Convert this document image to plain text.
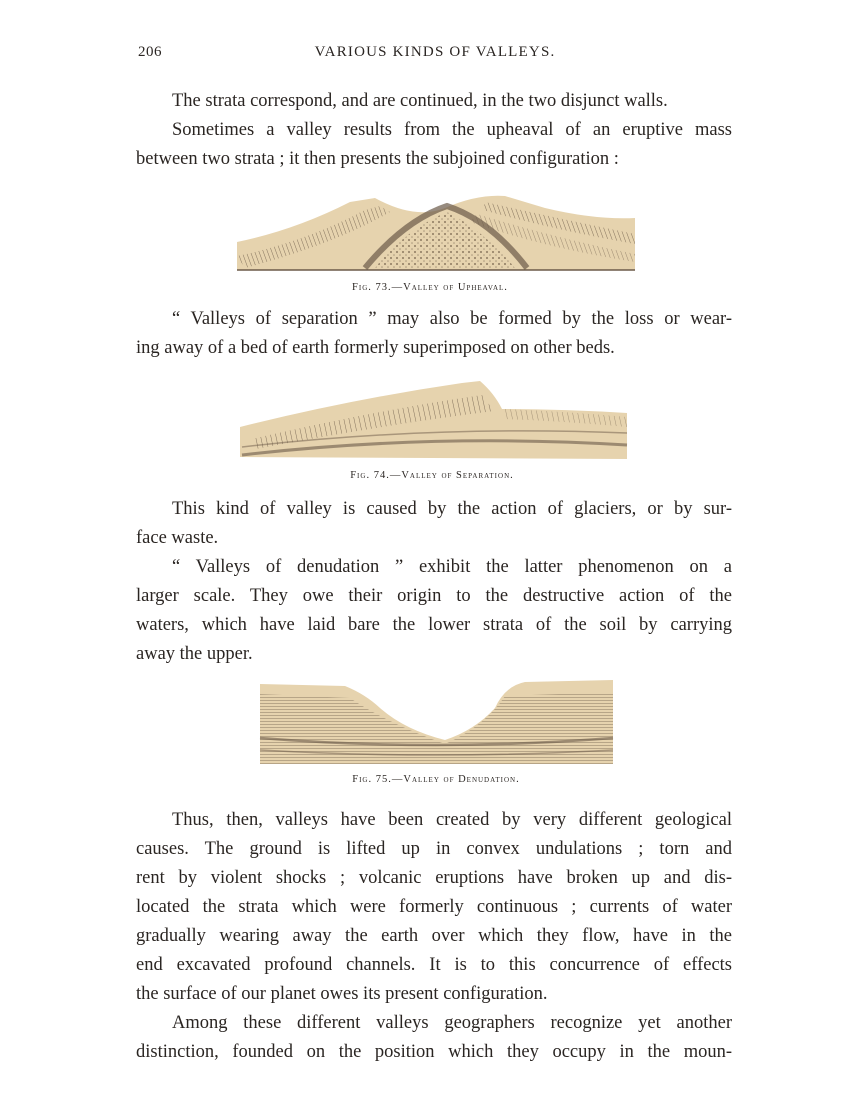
206	VARIOUS KINDS OF VALLEYS.

The strata correspond, and are continued, in the two disjunct walls.

Sometimes a valley results from the upheaval of an eruptive mass
between two strata ; it then presents the subjoined configuration :

Fig. 73.—Valley of Upheaval.

“ Valleys of separation ” may also be formed by the loss or wear-
ing away of a bed of earth formerly superimposed on other beds.

Fig. 74.—Valley of Separation.

This kind of valley is caused by the action of glaciers, or by sur-
face waste.

“ Valleys of denudation ” exhibit the latter phenomenon on a
larger scale. They owe their origin to the destructive action of the
waters, which have laid bare the lower strata of the soil by carrying
away the upper.

Fig. 75.—Valley of Denudation.

Thus, then, valleys have been created by very different geological
causes. The ground is lifted up in convex undulations ; torn and
rent by violent shocks ; volcanic eruptions have broken up and dis-
located the strata which were formerly continuous ; currents of water
gradually wearing away the earth over which they flow, have in the
end excavated profound channels. It is to this concurrence of effects
the surface of our planet owes its present configuration.

Among these different valleys geographers recognize yet another
distinction, founded on the position which they occupy in the moun-
